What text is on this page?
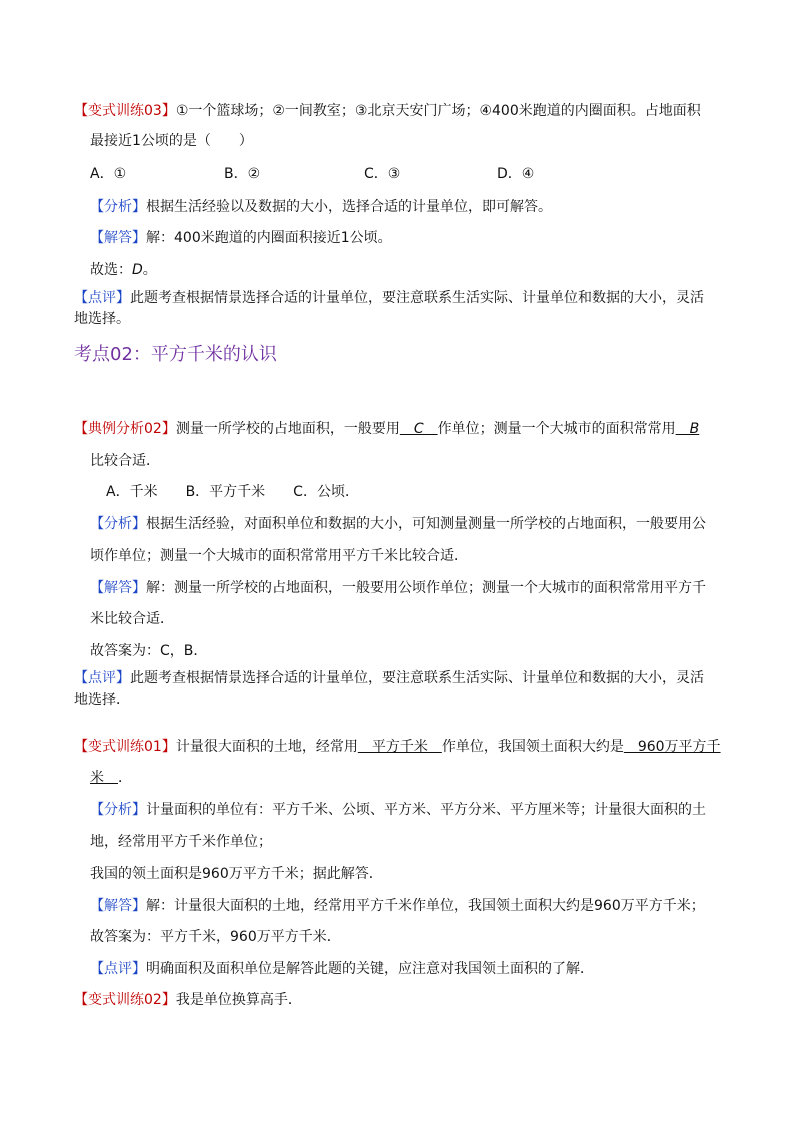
【变式训练03】①一个篮球场；②一间教室；③北京天安门广场；④400米跑道的内圈面积。占地面积
最接近1公顷的是（　　）
A．①	B．②	C．③	D．④
【分析】根据生活经验以及数据的大小，选择合适的计量单位，即可解答。
【解答】解：400米跑道的内圈面积接近1公顷。
故选：D。
【点评】此题考查根据情景选择合适的计量单位，要注意联系生活实际、计量单位和数据的大小，灵活
地选择。
考点02：平方千米的认识
【典例分析02】测量一所学校的占地面积，一般要用　C　作单位；测量一个大城市的面积常常用　B
比较合适．
A．千米　　B．平方千米　　C．公顷．
【分析】根据生活经验，对面积单位和数据的大小，可知测量测量一所学校的占地面积，一般要用公
顷作单位；测量一个大城市的面积常常用平方千米比较合适．
【解答】解：测量一所学校的占地面积，一般要用公顷作单位；测量一个大城市的面积常常用平方千
米比较合适．
故答案为：C，B．
【点评】此题考查根据情景选择合适的计量单位，要注意联系生活实际、计量单位和数据的大小，灵活
地选择．
【变式训练01】计量很大面积的土地，经常用　平方千米　作单位，我国领土面积大约是　960万平方千
米　．
【分析】计量面积的单位有：平方千米、公顷、平方米、平方分米、平方厘米等；计量很大面积的土
地，经常用平方千米作单位；
我国的领土面积是960万平方千米；据此解答．
【解答】解：计量很大面积的土地，经常用平方千米作单位，我国领土面积大约是960万平方千米；
故答案为：平方千米，960万平方千米．
【点评】明确面积及面积单位是解答此题的关键，应注意对我国领土面积的了解．
【变式训练02】我是单位换算高手．
